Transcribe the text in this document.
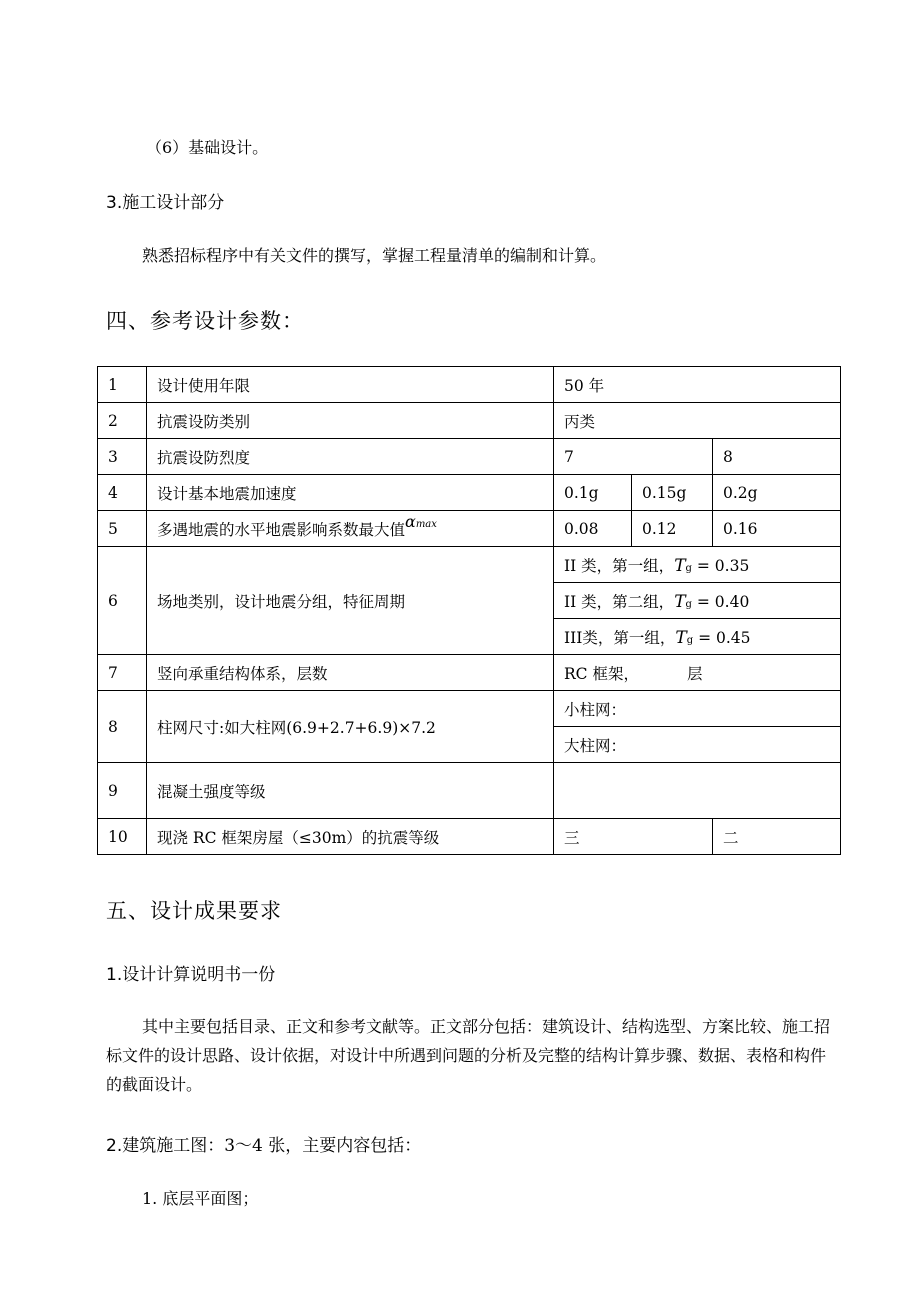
（6）基础设计。
3.施工设计部分
熟悉招标程序中有关文件的撰写，掌握工程量清单的编制和计算。
四、参考设计参数：
1	设计使用年限	50 年		
2	抗震设防类别	丙类		
3	抗震设防烈度	7		8
4	设计基本地震加速度	0.1g	0.15g	0.2g
5	多遇地震的水平地震影响系数最大值αmax	0.08	0.12	0.16
6	场地类别，设计地震分组，特征周期	II 类，第一组，Tg = 0.35		
		II 类，第二组，Tg = 0.40		
		III类，第一组，Tg = 0.45		
7	竖向承重结构体系，层数	RC 框架， 层		
8	柱网尺寸:如大柱网(6.9+2.7+6.9)×7.2	小柱网：		
		大柱网：		
9	混凝土强度等级			
10	现浇 RC 框架房屋（≤30m）的抗震等级	三		二
五、设计成果要求
1.设计计算说明书一份
其中主要包括目录、正文和参考文献等。正文部分包括：建筑设计、结构选型、方案比较、施工招标文件的设计思路、设计依据，对设计中所遇到问题的分析及完整的结构计算步骤、数据、表格和构件的截面设计。
2.建筑施工图：3～4 张，主要内容包括：
1. 底层平面图；
